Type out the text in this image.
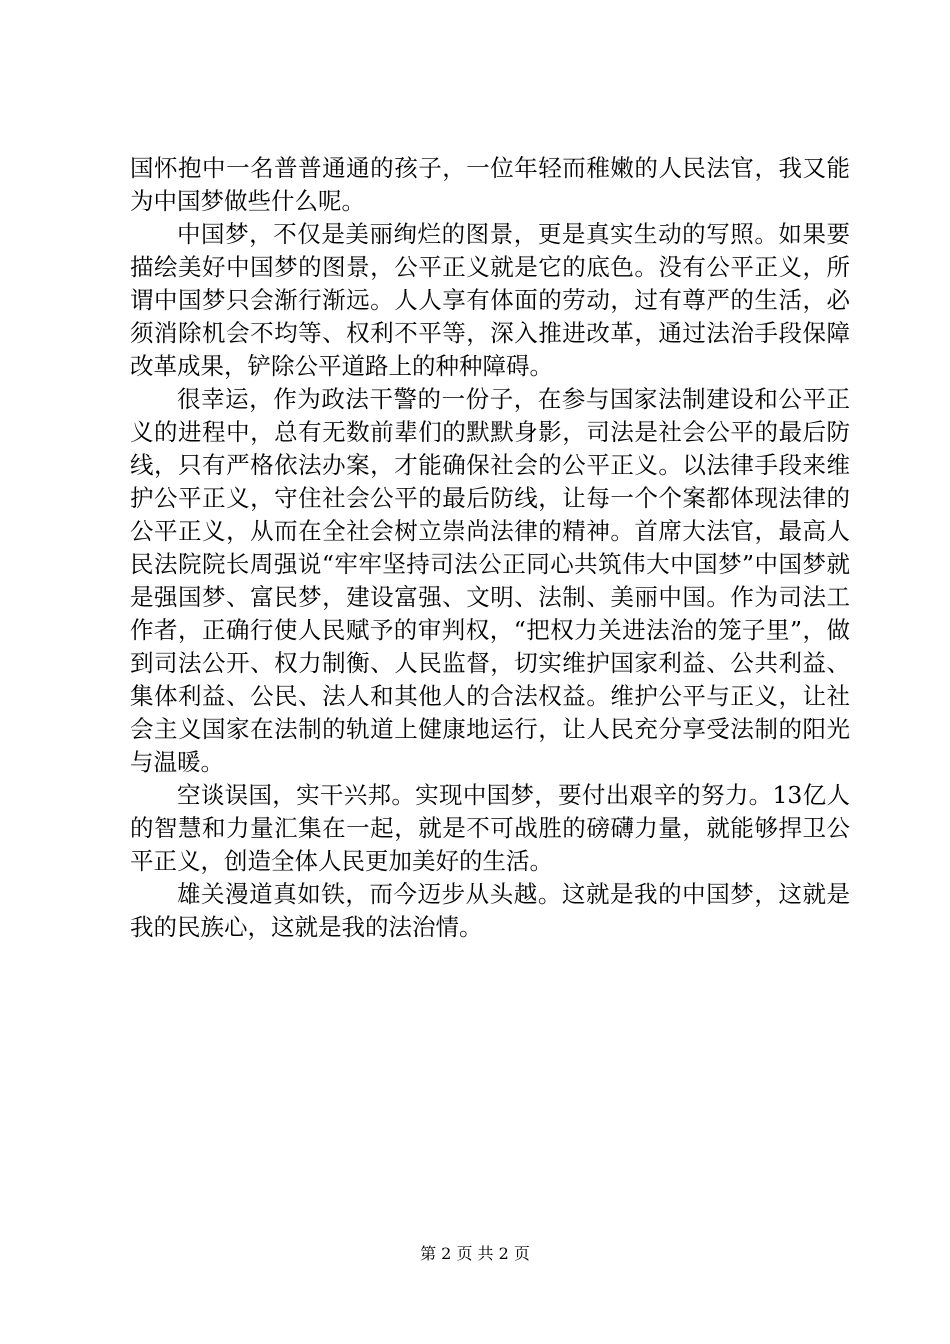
国怀抱中一名普普通通的孩子，一位年轻而稚嫩的人民法官，我又能为中国梦做些什么呢。

中国梦，不仅是美丽绚烂的图景，更是真实生动的写照。如果要描绘美好中国梦的图景，公平正义就是它的底色。没有公平正义，所谓中国梦只会渐行渐远。人人享有体面的劳动，过有尊严的生活，必须消除机会不均等、权利不平等，深入推进改革，通过法治手段保障改革成果，铲除公平道路上的种种障碍。

很幸运，作为政法干警的一份子，在参与国家法制建设和公平正义的进程中，总有无数前辈们的默默身影，司法是社会公平的最后防线，只有严格依法办案，才能确保社会的公平正义。以法律手段来维护公平正义，守住社会公平的最后防线，让每一个个案都体现法律的公平正义，从而在全社会树立崇尚法律的精神。首席大法官，最高人民法院院长周强说“牢牢坚持司法公正同心共筑伟大中国梦”中国梦就是强国梦、富民梦，建设富强、文明、法制、美丽中国。作为司法工作者，正确行使人民赋予的审判权，“把权力关进法治的笼子里”，做到司法公开、权力制衡、人民监督，切实维护国家利益、公共利益、集体利益、公民、法人和其他人的合法权益。维护公平与正义，让社会主义国家在法制的轨道上健康地运行，让人民充分享受法制的阳光与温暖。

空谈误国，实干兴邦。实现中国梦，要付出艰辛的努力。13亿人的智慧和力量汇集在一起，就是不可战胜的磅礴力量，就能够捍卫公平正义，创造全体人民更加美好的生活。

雄关漫道真如铁，而今迈步从头越。这就是我的中国梦，这就是我的民族心，这就是我的法治情。

第 2 页 共 2 页
